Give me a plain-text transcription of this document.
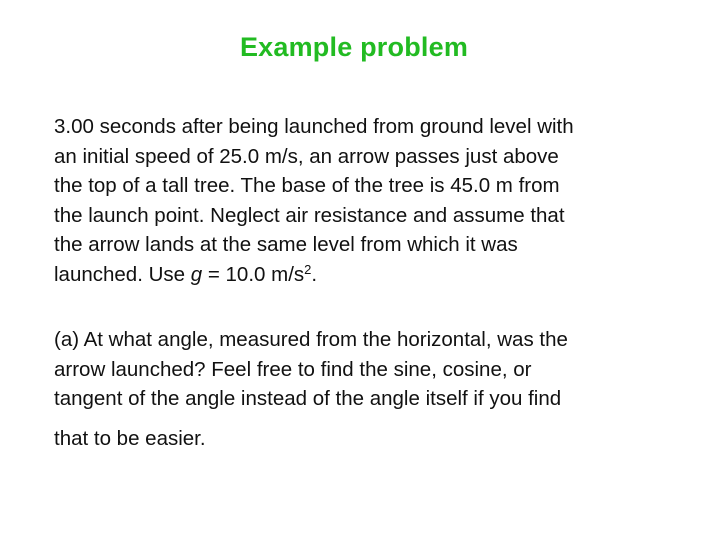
Example problem

3.00 seconds after being launched from ground level with
an initial speed of 25.0 m/s, an arrow passes just above
the top of a tall tree. The base of the tree is 45.0 m from
the launch point. Neglect air resistance and assume that
the arrow lands at the same level from which it was
launched. Use g = 10.0 $m/s^2$.

(a) At what angle, measured from the horizontal, was the
arrow launched? Feel free to find the sine, cosine, or
tangent of the angle instead of the angle itself if you find

that to be easier.
